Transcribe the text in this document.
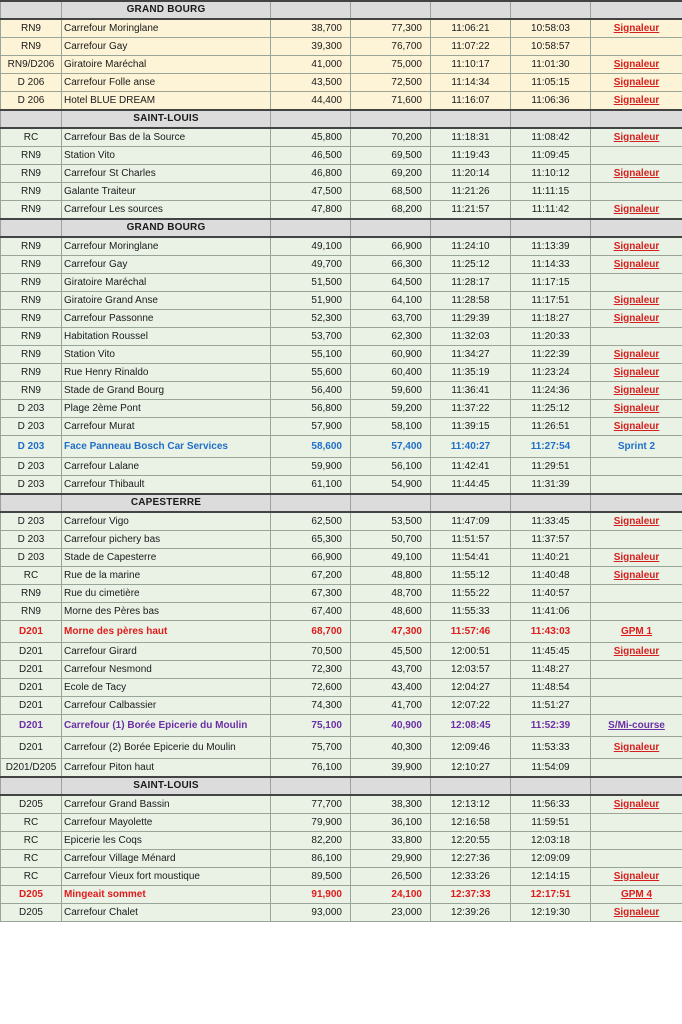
	GRAND BOURG					
RN9	Carrefour Moringlane	38,700	77,300	11:06:21	10:58:03	Signaleur
RN9	Carrefour Gay	39,300	76,700	11:07:22	10:58:57	
RN9/D206	Giratoire Maréchal	41,000	75,000	11:10:17	11:01:30	Signaleur
D 206	Carrefour Folle anse	43,500	72,500	11:14:34	11:05:15	Signaleur
D 206	Hotel BLUE DREAM	44,400	71,600	11:16:07	11:06:36	Signaleur
	SAINT-LOUIS					
RC	Carrefour Bas de la Source	45,800	70,200	11:18:31	11:08:42	Signaleur
RN9	Station Vito	46,500	69,500	11:19:43	11:09:45	
RN9	Carrefour St Charles	46,800	69,200	11:20:14	11:10:12	Signaleur
RN9	Galante Traiteur	47,500	68,500	11:21:26	11:11:15	
RN9	Carrefour Les sources	47,800	68,200	11:21:57	11:11:42	Signaleur
	GRAND BOURG					
RN9	Carrefour Moringlane	49,100	66,900	11:24:10	11:13:39	Signaleur
RN9	Carrefour Gay	49,700	66,300	11:25:12	11:14:33	Signaleur
RN9	Giratoire Maréchal	51,500	64,500	11:28:17	11:17:15	
RN9	Giratoire Grand Anse	51,900	64,100	11:28:58	11:17:51	Signaleur
RN9	Carrefour Passonne	52,300	63,700	11:29:39	11:18:27	Signaleur
RN9	Habitation Roussel	53,700	62,300	11:32:03	11:20:33	
RN9	Station Vito	55,100	60,900	11:34:27	11:22:39	Signaleur
RN9	Rue Henry Rinaldo	55,600	60,400	11:35:19	11:23:24	Signaleur
RN9	Stade de Grand Bourg	56,400	59,600	11:36:41	11:24:36	Signaleur
D 203	Plage 2ème Pont	56,800	59,200	11:37:22	11:25:12	Signaleur
D 203	Carrefour Murat	57,900	58,100	11:39:15	11:26:51	Signaleur
D 203	Face Panneau Bosch Car Services	58,600	57,400	11:40:27	11:27:54	Sprint 2
D 203	Carrefour Lalane	59,900	56,100	11:42:41	11:29:51	
D 203	Carrefour Thibault	61,100	54,900	11:44:45	11:31:39	
	CAPESTERRE					
D 203	Carrefour Vigo	62,500	53,500	11:47:09	11:33:45	Signaleur
D 203	Carrefour pichery bas	65,300	50,700	11:51:57	11:37:57	
D 203	Stade de Capesterre	66,900	49,100	11:54:41	11:40:21	Signaleur
RC	Rue de la marine	67,200	48,800	11:55:12	11:40:48	Signaleur
RN9	Rue du cimetière	67,300	48,700	11:55:22	11:40:57	
RN9	Morne des Pères bas	67,400	48,600	11:55:33	11:41:06	
D201	Morne des pères haut	68,700	47,300	11:57:46	11:43:03	GPM 1
D201	Carrefour Girard	70,500	45,500	12:00:51	11:45:45	Signaleur
D201	Carrefour Nesmond	72,300	43,700	12:03:57	11:48:27	
D201	Ecole de Tacy	72,600	43,400	12:04:27	11:48:54	
D201	Carrefour Calbassier	74,300	41,700	12:07:22	11:51:27	
D201	Carrefour (1) Borée Epicerie du Moulin	75,100	40,900	12:08:45	11:52:39	S/Mi-course
D201	Carrefour (2) Borée Epicerie du Moulin	75,700	40,300	12:09:46	11:53:33	Signaleur
D201/D205	Carrefour Piton haut	76,100	39,900	12:10:27	11:54:09	
	SAINT-LOUIS					
D205	Carrefour Grand Bassin	77,700	38,300	12:13:12	11:56:33	Signaleur
RC	Carrefour Mayolette	79,900	36,100	12:16:58	11:59:51	
RC	Epicerie les Coqs	82,200	33,800	12:20:55	12:03:18	
RC	Carrefour Village Ménard	86,100	29,900	12:27:36	12:09:09	
RC	Carrefour Vieux fort moustique	89,500	26,500	12:33:26	12:14:15	Signaleur
D205	Mingeait sommet	91,900	24,100	12:37:33	12:17:51	GPM 4
D205	Carrefour Chalet	93,000	23,000	12:39:26	12:19:30	Signaleur
